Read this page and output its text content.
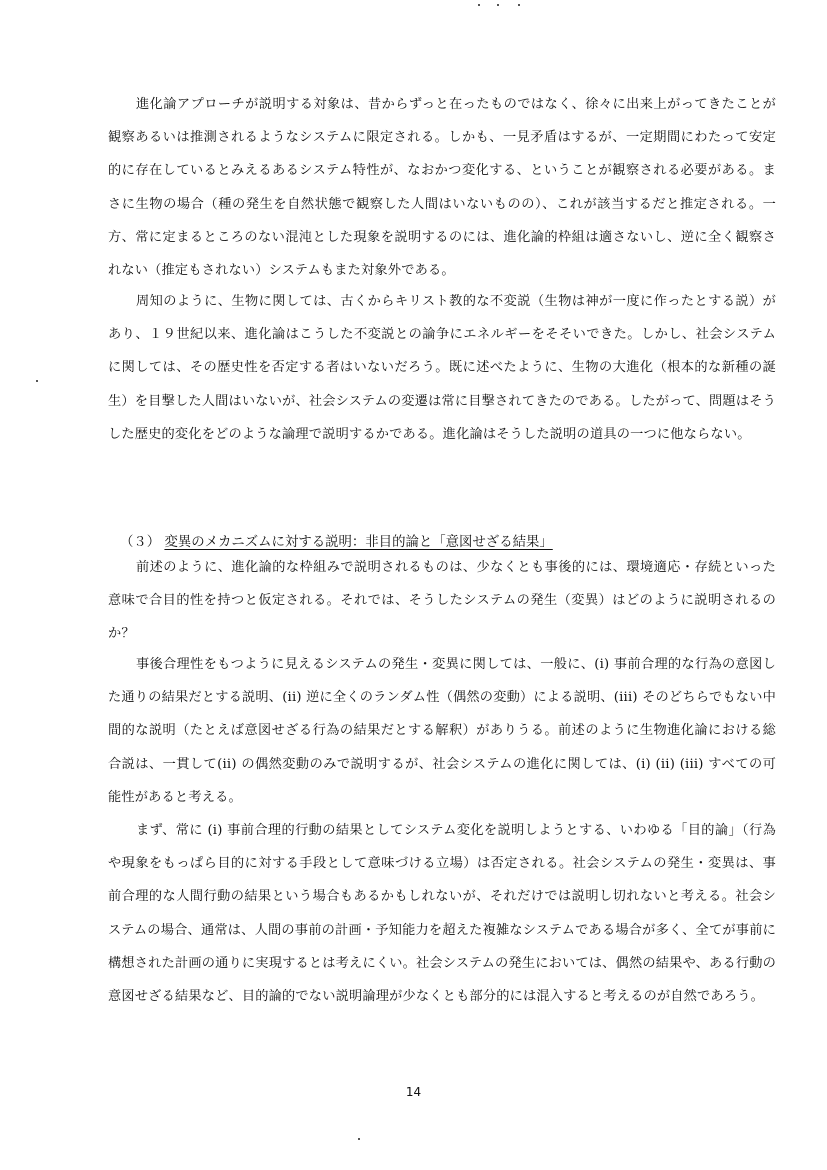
進化論アプローチが説明する対象は、昔からずっと在ったものではなく、徐々に出来上がってきたことが観察あるいは推測されるようなシステムに限定される。しかも、一見矛盾はするが、一定期間にわたって安定的に存在しているとみえるあるシステム特性が、なおかつ変化する、ということが観察される必要がある。まさに生物の場合（種の発生を自然状態で観察した人間はいないものの）、これが該当するだと推定される。一方、常に定まるところのない混沌とした現象を説明するのには、進化論的枠組は適さないし、逆に全く観察されない（推定もされない）システムもまた対象外である。

周知のように、生物に関しては、古くからキリスト教的な不変説（生物は神が一度に作ったとする説）があり、１９世紀以来、進化論はこうした不変説との論争にエネルギーをそそいできた。しかし、社会システムに関しては、その歴史性を否定する者はいないだろう。既に述べたように、生物の大進化（根本的な新種の誕生）を目撃した人間はいないが、社会システムの変遷は常に目撃されてきたのである。したがって、問題はそうした歴史的変化をどのような論理で説明するかである。進化論はそうした説明の道具の一つに他ならない。

（３） 変異のメカニズムに対する説明：非目的論と「意図せざる結果」

前述のように、進化論的な枠組みで説明されるものは、少なくとも事後的には、環境適応・存続といった意味で合目的性を持つと仮定される。それでは、そうしたシステムの発生（変異）はどのように説明されるのか？

事後合理性をもつように見えるシステムの発生・変異に関しては、一般に、(i) 事前合理的な行為の意図した通りの結果だとする説明、(ii) 逆に全くのランダム性（偶然の変動）による説明、(iii) そのどちらでもない中間的な説明（たとえば意図せざる行為の結果だとする解釈）がありうる。前述のように生物進化論における総合説は、一貫して(ii) の偶然変動のみで説明するが、社会システムの進化に関しては、(i) (ii) (iii) すべての可能性があると考える。

まず、常に (i) 事前合理的行動の結果としてシステム変化を説明しようとする、いわゆる「目的論」（行為や現象をもっぱら目的に対する手段として意味づける立場）は否定される。社会システムの発生・変異は、事前合理的な人間行動の結果という場合もあるかもしれないが、それだけでは説明し切れないと考える。社会システムの場合、通常は、人間の事前の計画・予知能力を超えた複雑なシステムである場合が多く、全てが事前に構想された計画の通りに実現するとは考えにくい。社会システムの発生においては、偶然の結果や、ある行動の意図せざる結果など、目的論的でない説明論理が少なくとも部分的には混入すると考えるのが自然であろう。

14
